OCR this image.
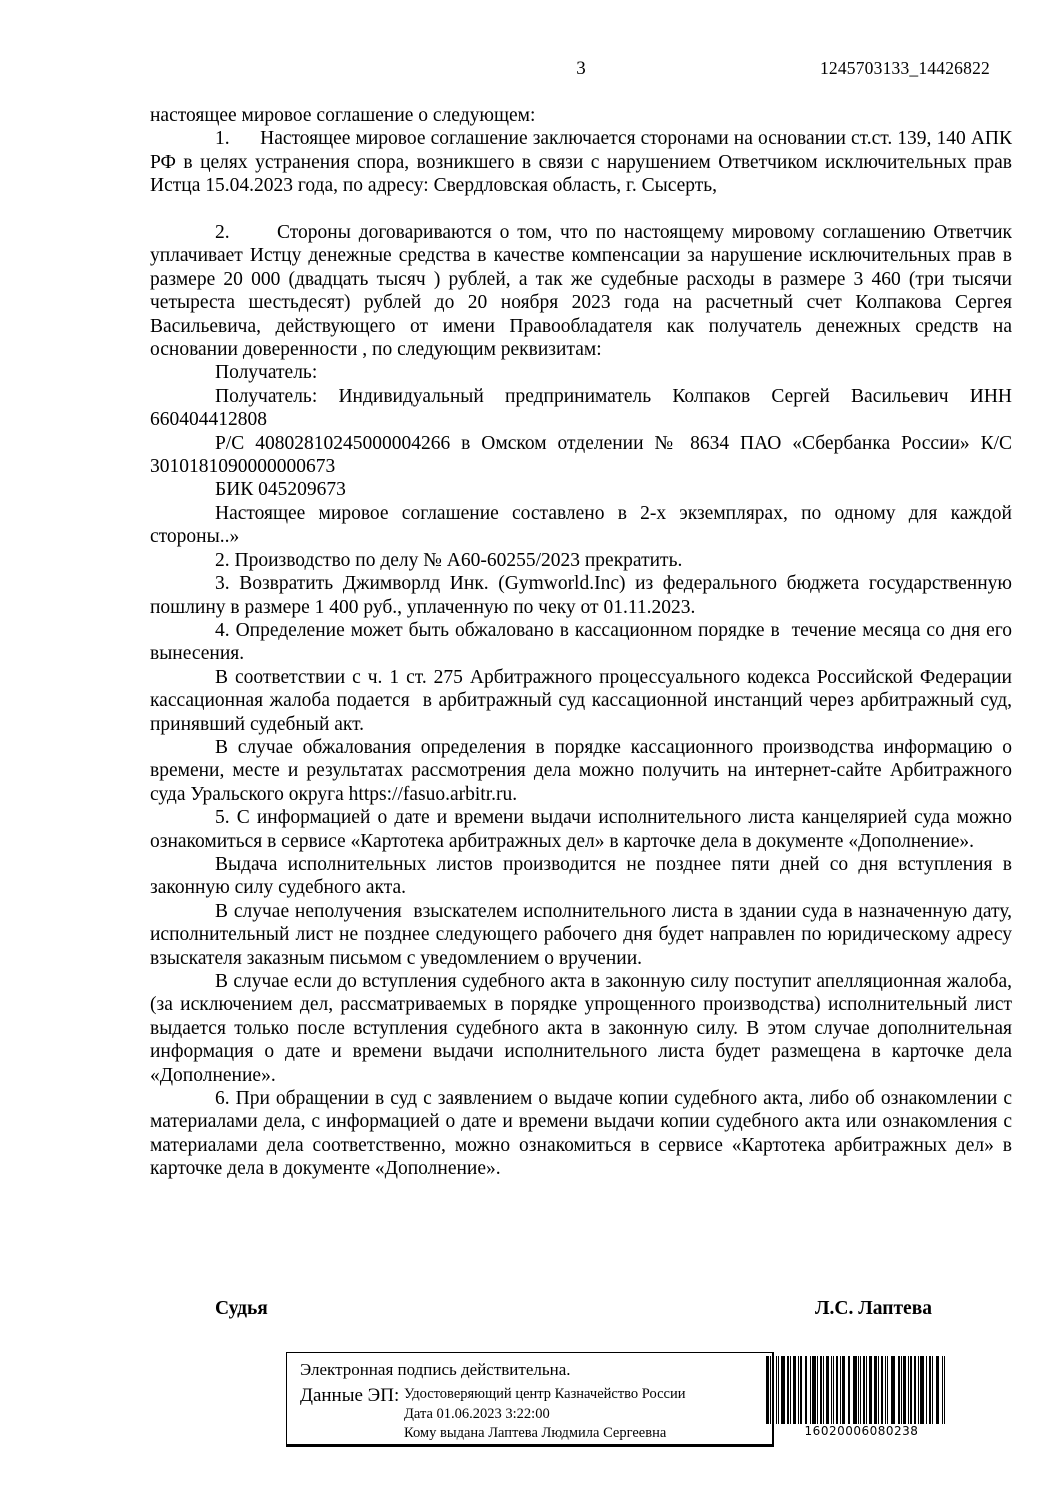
3	1245703133_14426822

настоящее мировое соглашение о следующем:

1.      Настоящее мировое соглашение заключается сторонами на основании ст.ст. 139, 140 АПК РФ в целях устранения спора, возникшего в связи с нарушением Ответчиком исключительных прав Истца 15.04.2023 года, по адресу: Свердловская область, г. Сысерть,

2.      Стороны договариваются о том, что по настоящему мировому соглашению Ответчик уплачивает Истцу денежные средства в качестве компенсации за нарушение исключительных прав в размере 20 000 (двадцать тысяч ) рублей, а так же судебные расходы в размере 3 460 (три тысячи четыреста шестьдесят) рублей до 20 ноября 2023 года на расчетный счет Колпакова Сергея Васильевича, действующего от имени Правообладателя как получатель денежных средств на основании доверенности , по следующим реквизитам:

Получатель:

Получатель: Индивидуальный предприниматель Колпаков Сергей Васильевич ИНН 660404412808

Р/С 40802810245000004266 в Омском отделении № 8634 ПАО «Сбербанка России» К/С 3010181090000000673

БИК 045209673

Настоящее мировое соглашение составлено в 2-х экземплярах, по одному для каждой стороны..»

2. Производство по делу № А60-60255/2023 прекратить.

3. Возвратить Джимворлд Инк. (Gymworld.Inc) из федерального бюджета государственную пошлину в размере 1 400 руб., уплаченную по чеку от 01.11.2023.

4. Определение может быть обжаловано в кассационном порядке в  течение месяца со дня его вынесения.

В соответствии с ч. 1 ст. 275 Арбитражного процессуального кодекса Российской Федерации кассационная жалоба подается  в арбитражный суд кассационной инстанций через арбитражный суд, принявший судебный акт.

В случае обжалования определения в порядке кассационного производства информацию о времени, месте и результатах рассмотрения дела можно получить на интернет-сайте Арбитражного суда Уральского округа https://fasuo.arbitr.ru.

5. С информацией о дате и времени выдачи исполнительного листа канцелярией суда можно ознакомиться в сервисе «Картотека арбитражных дел» в карточке дела в документе «Дополнение».

Выдача исполнительных листов производится не позднее пяти дней со дня вступления в законную силу судебного акта.

В случае неполучения  взыскателем исполнительного листа в здании суда в назначенную дату, исполнительный лист не позднее следующего рабочего дня будет направлен по юридическому адресу взыскателя заказным письмом с уведомлением о вручении.

В случае если до вступления судебного акта в законную силу поступит апелляционная жалоба, (за исключением дел, рассматриваемых в порядке упрощенного производства) исполнительный лист выдается только после вступления судебного акта в законную силу. В этом случае дополнительная информация о дате и времени выдачи исполнительного листа будет размещена в карточке дела «Дополнение».

6. При обращении в суд с заявлением о выдаче копии судебного акта, либо об ознакомлении с материалами дела, с информацией о дате и времени выдачи копии судебного акта или ознакомления с материалами дела соответственно, можно ознакомиться в сервисе «Картотека арбитражных дел» в карточке дела в документе «Дополнение».

Судья	Л.С. Лаптева
Электронная подпись действительна.
Данные ЭП: Удостоверяющий центр Казначейство России
Дата 01.06.2023 3:22:00
Кому выдана Лаптева Людмила Сергеевна	16020006080238
